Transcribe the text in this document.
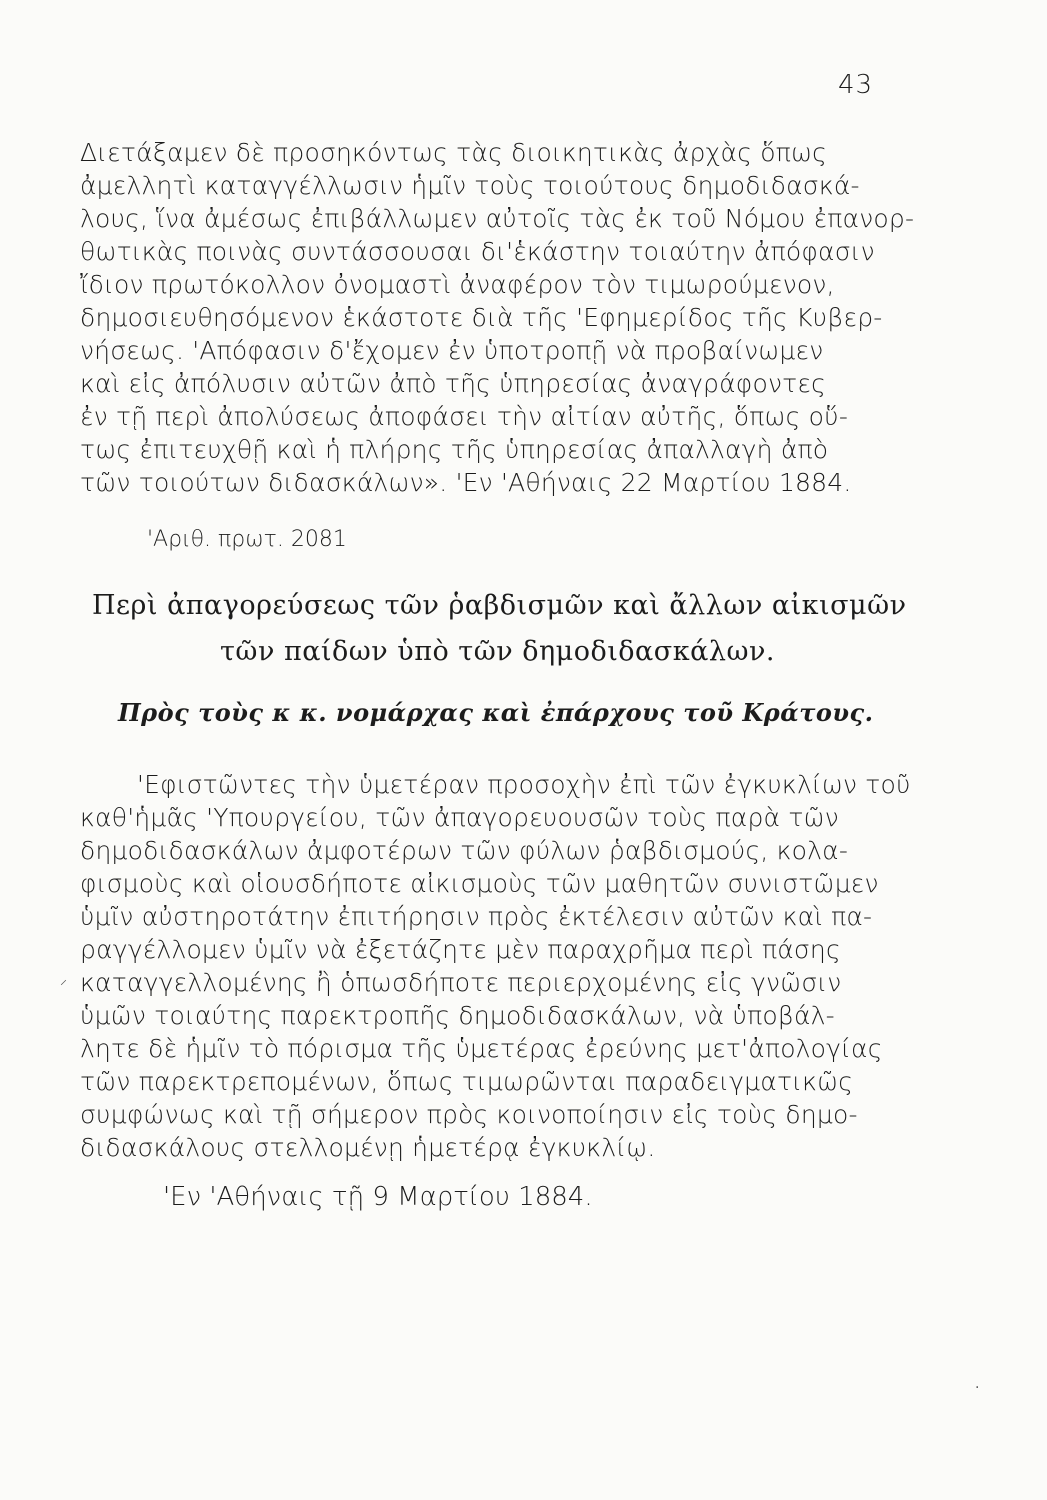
43
Διετάξαμεν δὲ προσηκόντως τὰς διοικητικὰς ἀρχὰς ὅπως
ἀμελλητὶ καταγγέλλωσιν ἡμῖν τοὺς τοιούτους δημοδιδασκά-
λους, ἵνα ἀμέσως ἐπιβάλλωμεν αὐτοῖς τὰς ἐκ τοῦ Νόμου ἐπανορ-
θωτικὰς ποινὰς συντάσσουσαι δι'ἑκάστην τοιαύτην ἀπόφασιν
ἴδιον πρωτόκολλον ὀνομαστὶ ἀναφέρον τὸν τιμωρούμενον,
δημοσιευθησόμενον ἑκάστοτε διὰ τῆς 'Εφημερίδος τῆς Κυβερ-
νήσεως. 'Απόφασιν δ'ἔχομεν ἐν ὑποτροπῇ νὰ προβαίνωμεν
καὶ εἰς ἀπόλυσιν αὐτῶν ἀπὸ τῆς ὑπηρεσίας ἀναγράφοντες
ἐν τῇ περὶ ἀπολύσεως ἀποφάσει τὴν αἰτίαν αὐτῆς, ὅπως οὕ-
τως ἐπιτευχθῇ καὶ ἡ πλήρης τῆς ὑπηρεσίας ἀπαλλαγὴ ἀπὸ
τῶν τοιούτων διδασκάλων». 'Εν 'Αθήναις 22 Μαρτίου 1884.
'Αριθ. πρωτ. 2081
Περὶ ἀπαγορεύσεως τῶν ῥαβδισμῶν καὶ ἄλλων αἰκισμῶν
τῶν παίδων ὑπὸ τῶν δημοδιδασκάλων.
Πρὸς τοὺς κ κ. νομάρχας καὶ ἐπάρχους τοῦ Κράτους.
'Εφιστῶντες τὴν ὑμετέραν προσοχὴν ἐπὶ τῶν ἐγκυκλίων τοῦ
καθ'ἡμᾶς 'Υπουργείου, τῶν ἀπαγορευουσῶν τοὺς παρὰ τῶν
δημοδιδασκάλων ἀμφοτέρων τῶν φύλων ῥαβδισμούς, κολα-
φισμοὺς καὶ οἱουσδήποτε αἰκισμοὺς τῶν μαθητῶν συνιστῶμεν
ὑμῖν αὐστηροτάτην ἐπιτήρησιν πρὸς ἐκτέλεσιν αὐτῶν καὶ πα-
ραγγέλλομεν ὑμῖν νὰ ἐξετάζητε μὲν παραχρῆμα περὶ πάσης
καταγγελλομένης ἢ ὁπωσδήποτε περιερχομένης εἰς γνῶσιν
ὑμῶν τοιαύτης παρεκτροπῆς δημοδιδασκάλων, νὰ ὑποβάλ-
λητε δὲ ἡμῖν τὸ πόρισμα τῆς ὑμετέρας ἐρεύνης μετ'ἀπολογίας
τῶν παρεκτρεπομένων, ὅπως τιμωρῶνται παραδειγματικῶς
συμφώνως καὶ τῇ σήμερον πρὸς κοινοποίησιν εἰς τοὺς δημο-
διδασκάλους στελλομένῃ ἡμετέρᾳ ἐγκυκλίῳ.
'Εν 'Αθήναις τῇ 9 Μαρτίου 1884.
⸝
·
